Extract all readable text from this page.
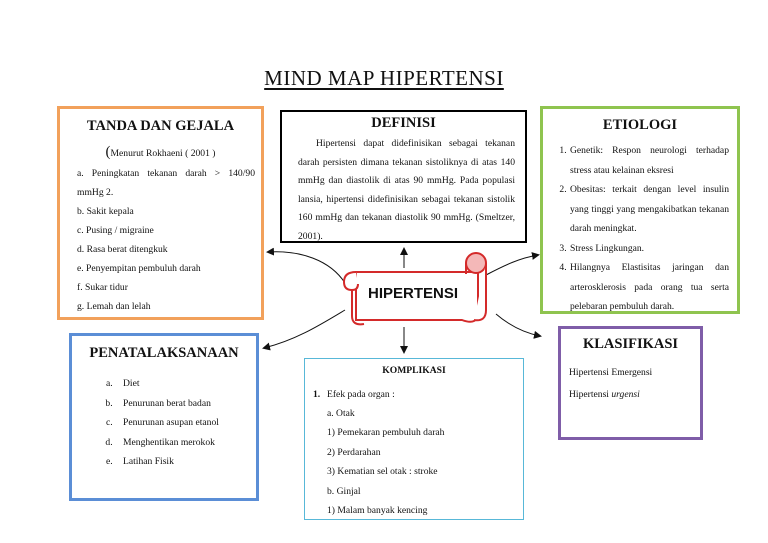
MIND MAP HIPERTENSI
HIPERTENSI
TANDA DAN GEJALA
(Menurut Rokhaeni ( 2001 )
a. Peningkatan tekanan darah > 140/90 mmHg 2.
b. Sakit kepala
c. Pusing / migraine
d. Rasa berat ditengkuk
e. Penyempitan pembuluh darah
f. Sukar tidur
g. Lemah dan lelah
DEFINISI

Hipertensi dapat didefinisikan sebagai tekanan darah persisten dimana tekanan sistoliknya di atas 140 mmHg dan diastolik di atas 90 mmHg. Pada populasi lansia, hipertensi didefinisikan sebagai tekanan sistolik 160 mmHg dan tekanan diastolik 90 mmHg. (Smeltzer, 2001).

ETIOLOGI
1. Genetik: Respon neurologi terhadap stress atau kelainan eksresi
2. Obesitas: terkait dengan level insulin yang tinggi yang mengakibatkan tekanan darah meningkat.
3. Stress Lingkungan.
4. Hilangnya Elastisitas jaringan dan arterosklerosis pada orang tua serta pelebaran pembuluh darah.
PENATALAKSANAAN
a. Diet
b. Penurunan berat badan
c. Penurunan asupan etanol
d. Menghentikan merokok
e. Latihan Fisik
KOMPLIKASI
1. Efek pada organ :
a. Otak
1) Pemekaran pembuluh darah
2) Perdarahan
3) Kematian sel otak : stroke
b. Ginjal
1) Malam banyak kencing
KLASIFIKASI
Hipertensi Emergensi
Hipertensi urgensi
